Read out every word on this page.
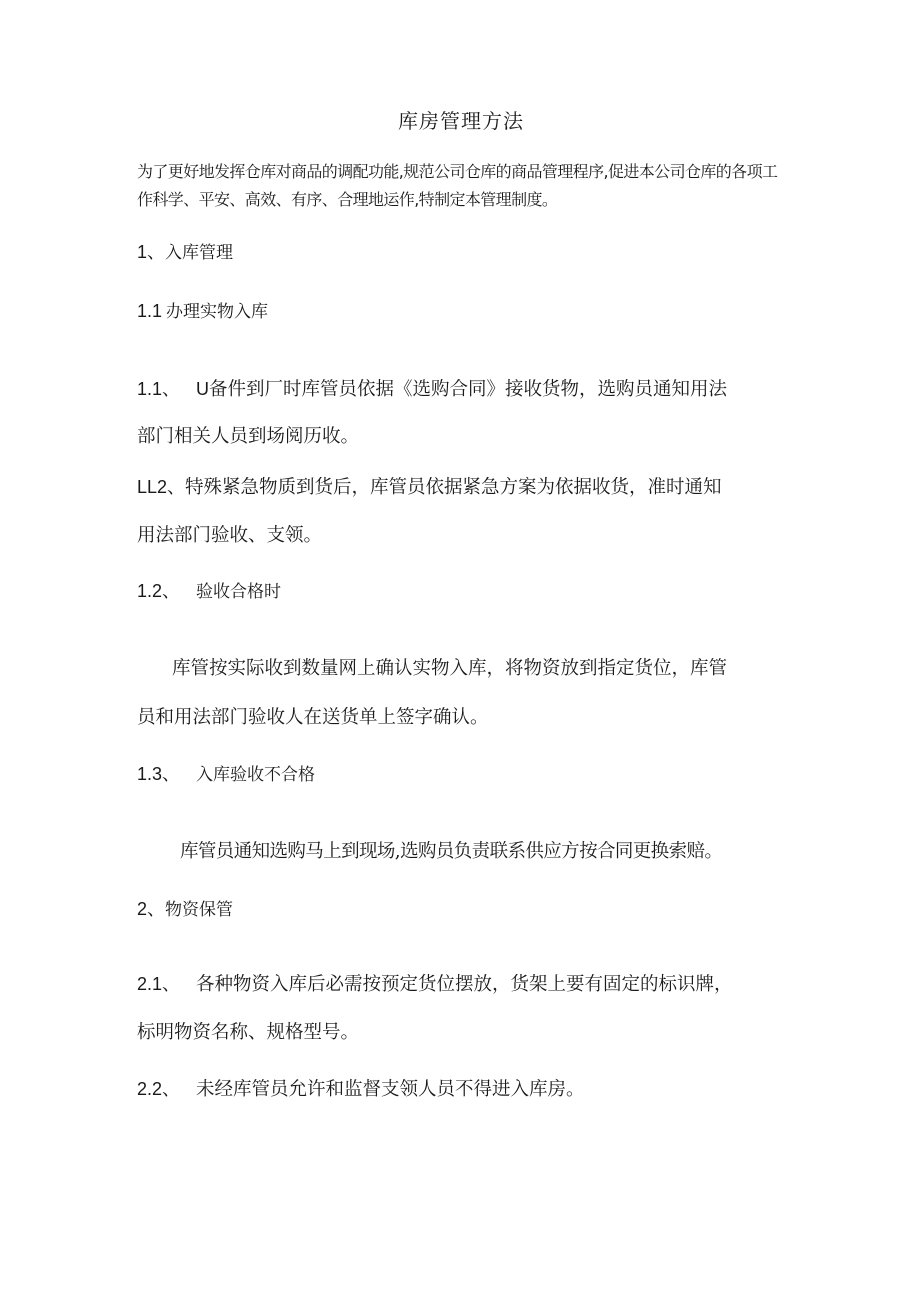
库房管理方法
为了更好地发挥仓库对商品的调配功能,规范公司仓库的商品管理程序,促进本公司仓库的各项工
作科学、平安、高效、有序、合理地运作,特制定本管理制度。
1、入库管理
1.1 办理实物入库
1.1、 U备件到厂时库管员依据《选购合同》接收货物，选购员通知用法
部门相关人员到场阅历收。
LL2、特殊紧急物质到货后，库管员依据紧急方案为依据收货，准时通知
用法部门验收、支领。
1.2、 验收合格时
库管按实际收到数量网上确认实物入库，将物资放到指定货位，库管
员和用法部门验收人在送货单上签字确认。
1.3、 入库验收不合格
库管员通知选购马上到现场,选购员负责联系供应方按合同更换索赔。
2、物资保管
2.1、 各种物资入库后必需按预定货位摆放，货架上要有固定的标识牌，
标明物资名称、规格型号。
2.2、 未经库管员允许和监督支领人员不得进入库房。
